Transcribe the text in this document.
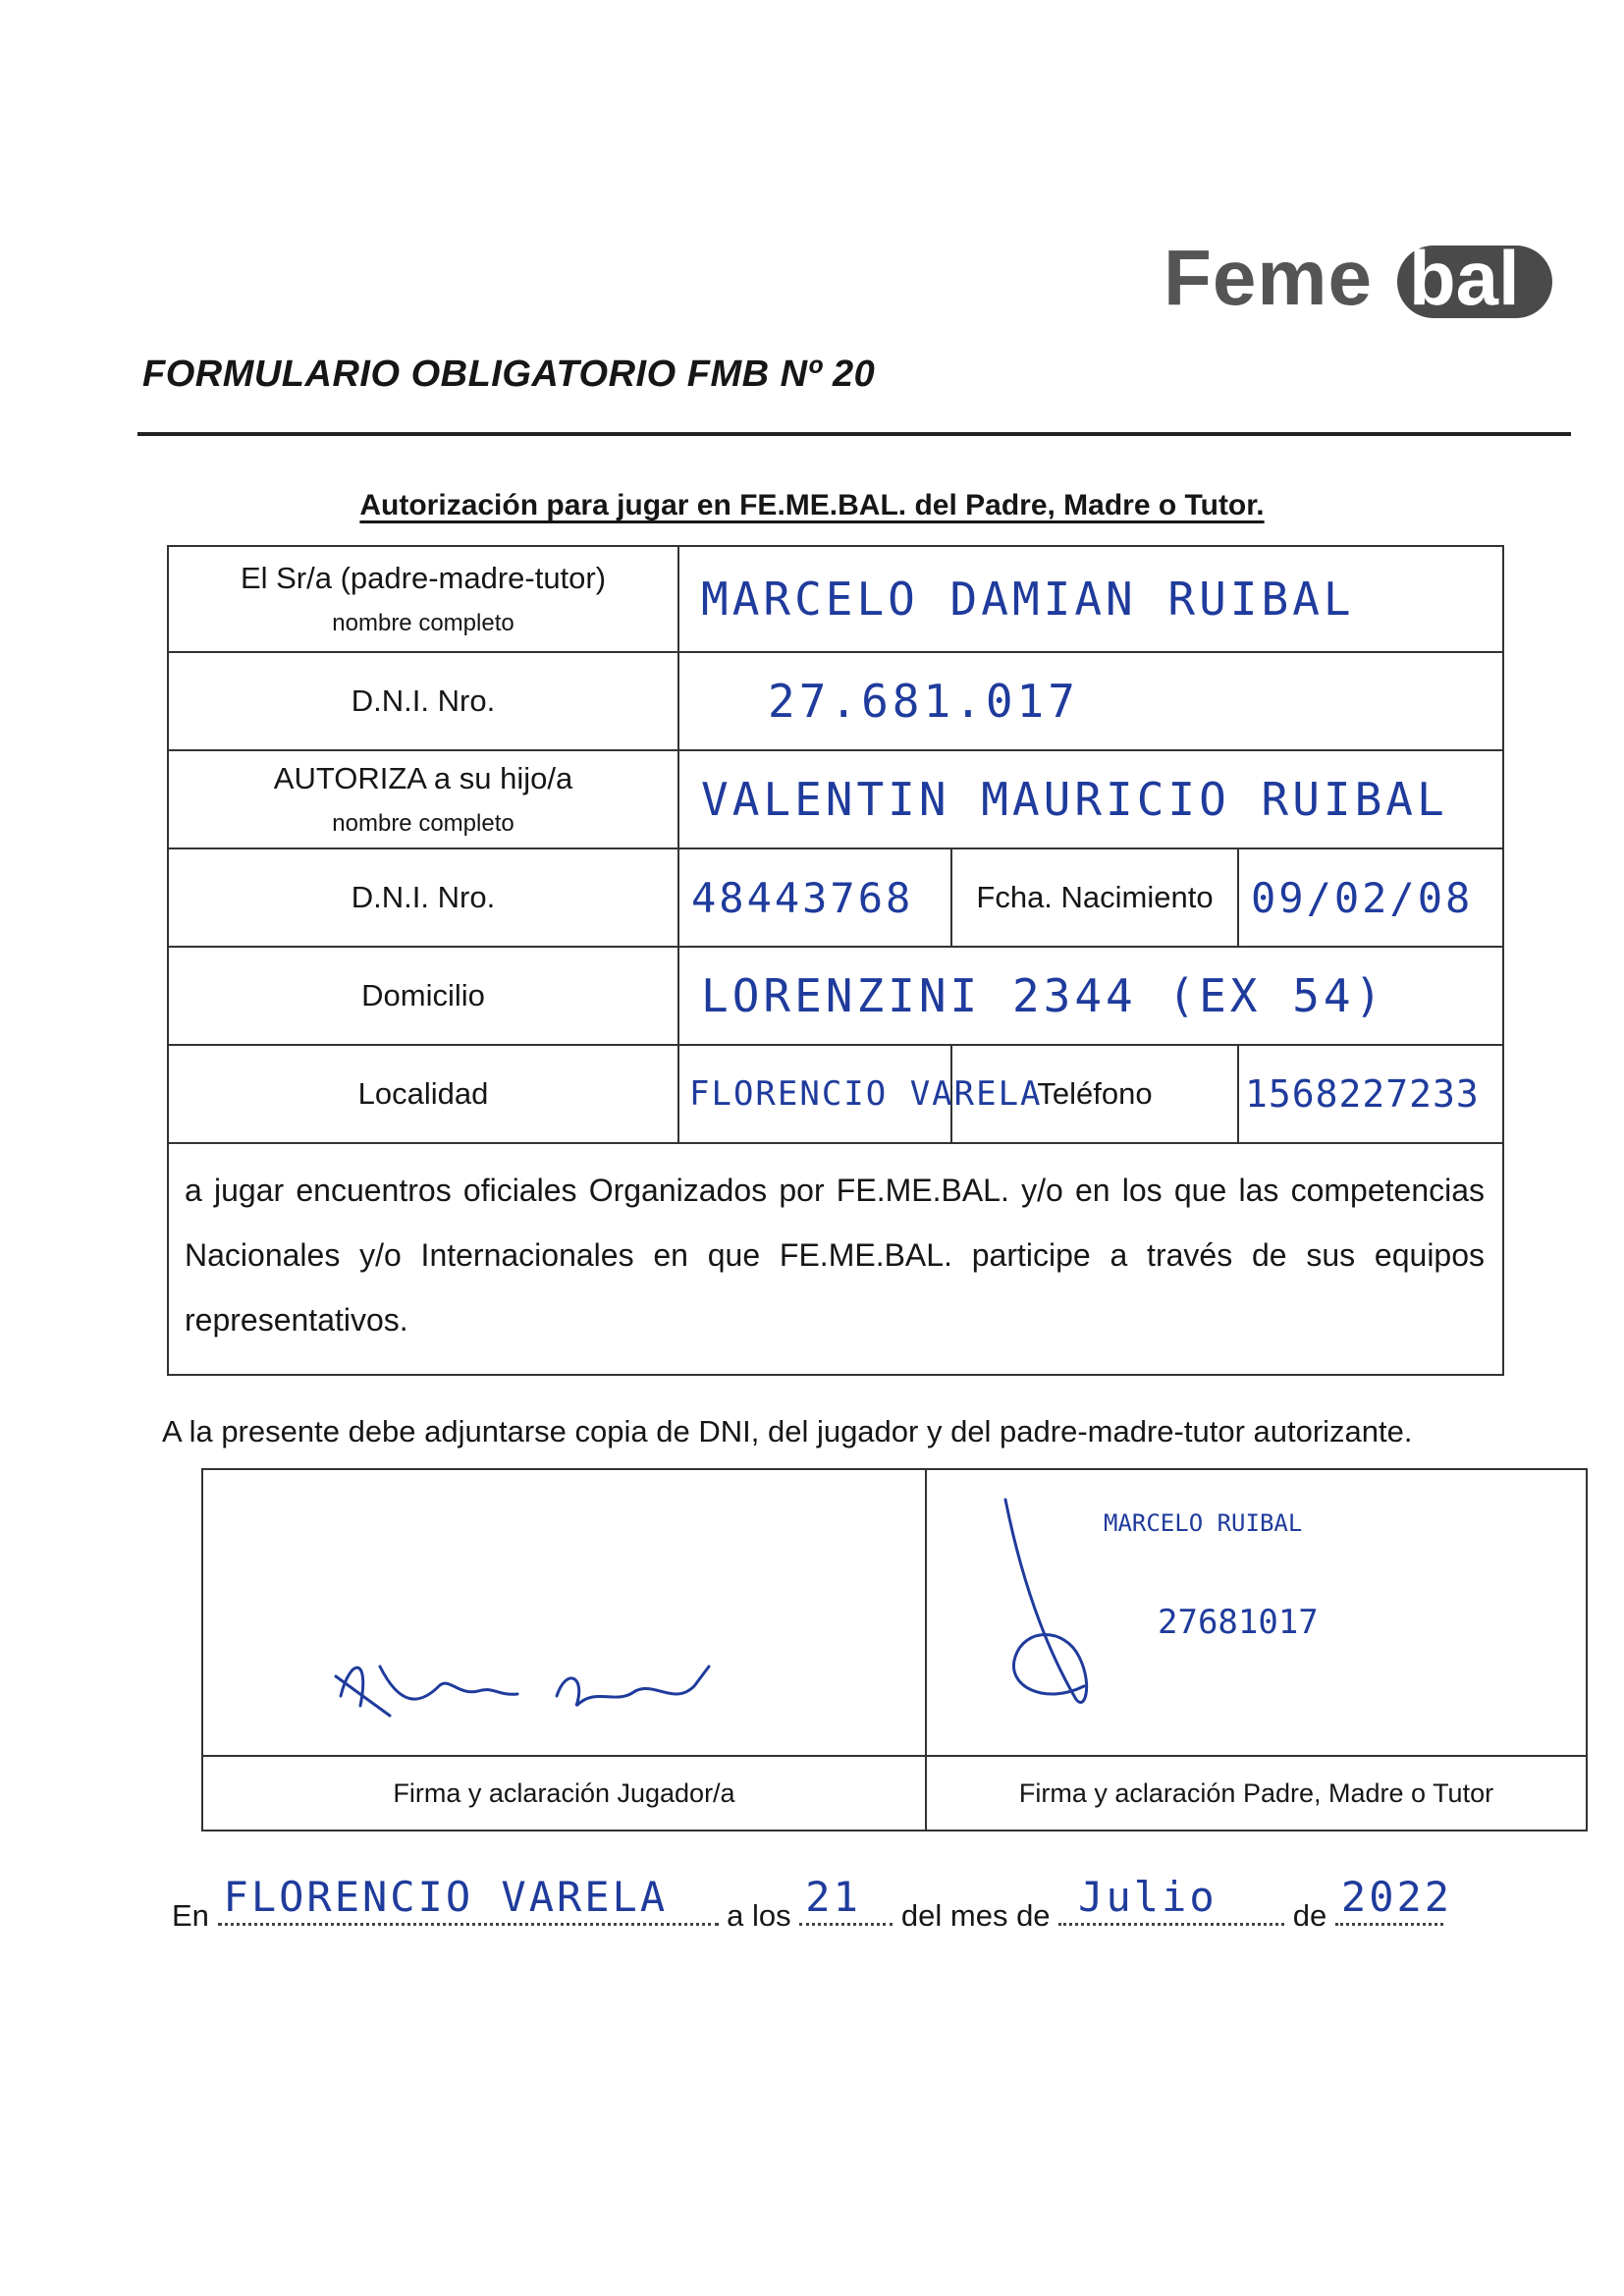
Feme bal
FORMULARIO OBLIGATORIO FMB Nº 20
Autorización para jugar en FE.ME.BAL. del Padre, Madre o Tutor.
El Sr/a (padre-madre-tutor)
nombre completo	MARCELO DAMIAN RUIBAL		
D.N.I. Nro.	27.681.017		
AUTORIZA a su hijo/a
nombre completo	VALENTIN MAURICIO RUIBAL		
D.N.I. Nro.	48443768	Fcha. Nacimiento	09/02/08
Domicilio	LORENZINI 2344 (EX 54)		
Localidad	FLORENCIO VARELA	Teléfono	1568227233
a jugar encuentros oficiales Organizados por FE.ME.BAL. y/o en los que las competencias Nacionales y/o Internacionales en que FE.ME.BAL. participe a través de sus equipos representativos.			
A la presente debe adjuntarse copia de DNI, del jugador y del padre-madre-tutor autorizante.

MARCELO RUIBAL
27681017

Firma y aclaración Jugador/a	Firma y aclaración Padre, Madre o Tutor
En FLORENCIO VARELA a los 21 del mes de Julio de 2022
